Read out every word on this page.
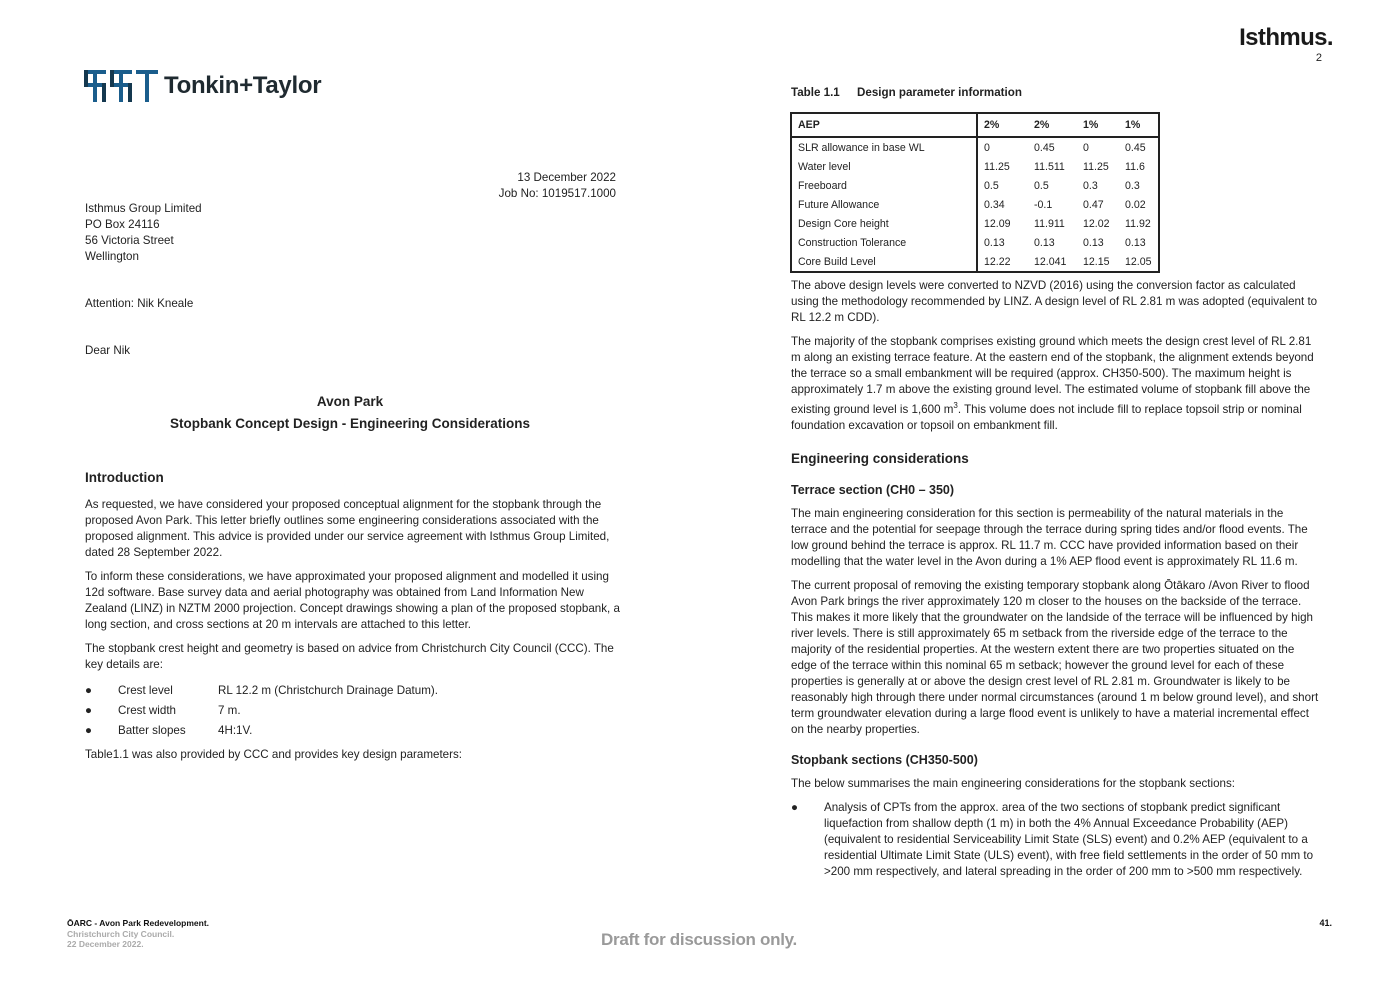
Tonkin+Taylor
Isthmus.
2
13 December 2022
Job No: 1019517.1000
Isthmus Group Limited
PO Box 24116
56 Victoria Street
Wellington
Attention: Nik Kneale
Dear Nik
Avon Park
Stopbank Concept Design - Engineering Considerations
Introduction

As requested, we have considered your proposed conceptual alignment for the stopbank through the proposed Avon Park. This letter briefly outlines some engineering considerations associated with the proposed alignment. This advice is provided under our service agreement with Isthmus Group Limited, dated 28 September 2022.

To inform these considerations, we have approximated your proposed alignment and modelled it using 12d software. Base survey data and aerial photography was obtained from Land Information New Zealand (LINZ) in NZTM 2000 projection. Concept drawings showing a plan of the proposed stopbank, a long section, and cross sections at 20 m intervals are attached to this letter.

The stopbank crest height and geometry is based on advice from Christchurch City Council (CCC). The key details are:

●	Crest level	RL 12.2 m (Christchurch Drainage Datum).
●	Crest width	7 m.
●	Batter slopes	4H:1V.

Table1.1 was also provided by CCC and provides key design parameters:

Table 1.1 Design parameter information
AEP	2%	2%	1%	1%
SLR allowance in base WL	0	0.45	0	0.45
Water level	11.25	11.511	11.25	11.6
Freeboard	0.5	0.5	0.3	0.3
Future Allowance	0.34	-0.1	0.47	0.02
Design Core height	12.09	11.911	12.02	11.92
Construction Tolerance	0.13	0.13	0.13	0.13
Core Build Level	12.22	12.041	12.15	12.05

The above design levels were converted to NZVD (2016) using the conversion factor as calculated using the methodology recommended by LINZ. A design level of RL 2.81 m was adopted (equivalent to RL 12.2 m CDD).

The majority of the stopbank comprises existing ground which meets the design crest level of RL 2.81 m along an existing terrace feature. At the eastern end of the stopbank, the alignment extends beyond the terrace so a small embankment will be required (approx. CH350-500). The maximum height is approximately 1.7 m above the existing ground level. The estimated volume of stopbank fill above the existing ground level is 1,600 $m^3$. This volume does not include fill to replace topsoil strip or nominal foundation excavation or topsoil on embankment fill.

Engineering considerations
Terrace section (CH0 – 350)

The main engineering consideration for this section is permeability of the natural materials in the terrace and the potential for seepage through the terrace during spring tides and/or flood events. The low ground behind the terrace is approx. RL 11.7 m. CCC have provided information based on their modelling that the water level in the Avon during a 1% AEP flood event is approximately RL 11.6 m.

The current proposal of removing the existing temporary stopbank along Ōtākaro /Avon River to flood Avon Park brings the river approximately 120 m closer to the houses on the backside of the terrace. This makes it more likely that the groundwater on the landside of the terrace will be influenced by high river levels. There is still approximately 65 m setback from the riverside edge of the terrace to the majority of the residential properties. At the western extent there are two properties situated on the edge of the terrace within this nominal 65 m setback; however the ground level for each of these properties is generally at or above the design crest level of RL 2.81 m. Groundwater is likely to be reasonably high through there under normal circumstances (around 1 m below ground level), and short term groundwater elevation during a large flood event is unlikely to have a material incremental effect on the nearby properties.

Stopbank sections (CH350-500)

The below summarises the main engineering considerations for the stopbank sections:

●	Analysis of CPTs from the approx. area of the two sections of stopbank predict significant liquefaction from shallow depth (1 m) in both the 4% Annual Exceedance Probability (AEP) (equivalent to residential Serviceability Limit State (SLS) event) and 0.2% AEP (equivalent to a residential Ultimate Limit State (ULS) event), with free field settlements in the order of 50 mm to >200 mm respectively, and lateral spreading in the order of 200 mm to >500 mm respectively.
ŌARC - Avon Park Redevelopment.
Christchurch City Council.
22 December 2022.	Draft for discussion only.
41.
